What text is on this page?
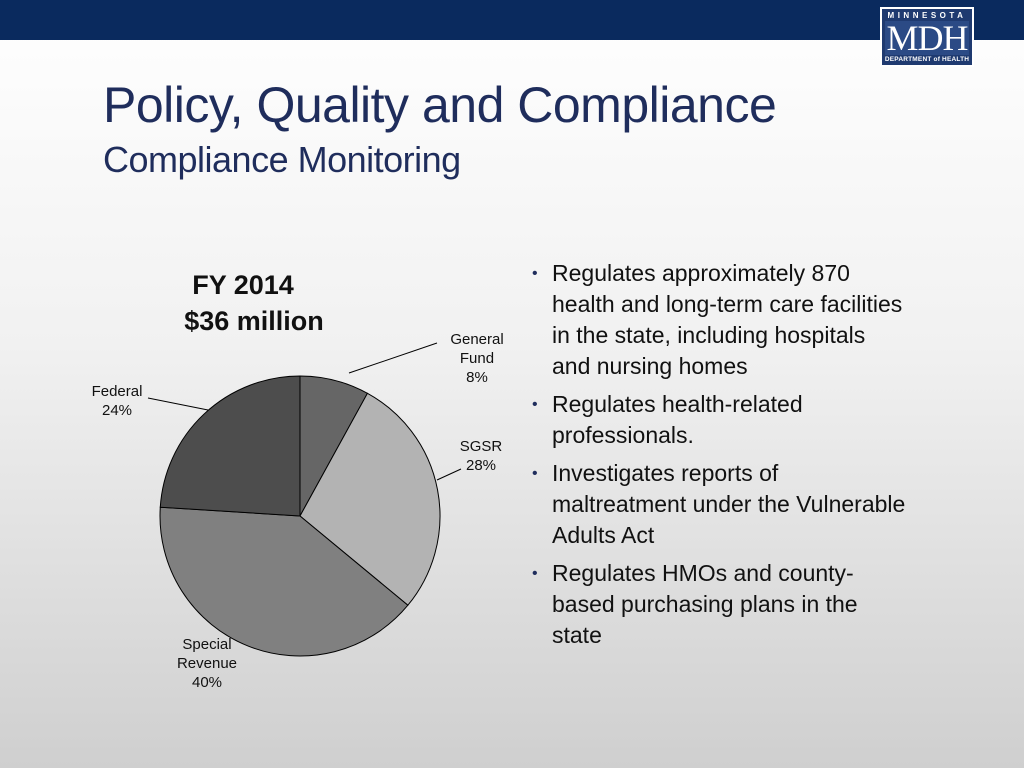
MINNESOTA
MDH
DEPARTMENT of HEALTH
Policy, Quality and Compliance
Compliance Monitoring
FY 2014
$36 million
General Fund 8%
SGSR 28%
Special Revenue 40%
Federal 24%
• Regulates approximately 870 health and long-term care facilities in the state, including hospitals and nursing homes
• Regulates health-related professionals.
• Investigates reports of maltreatment under the Vulnerable Adults Act
• Regulates HMOs and county-based purchasing plans in the state
